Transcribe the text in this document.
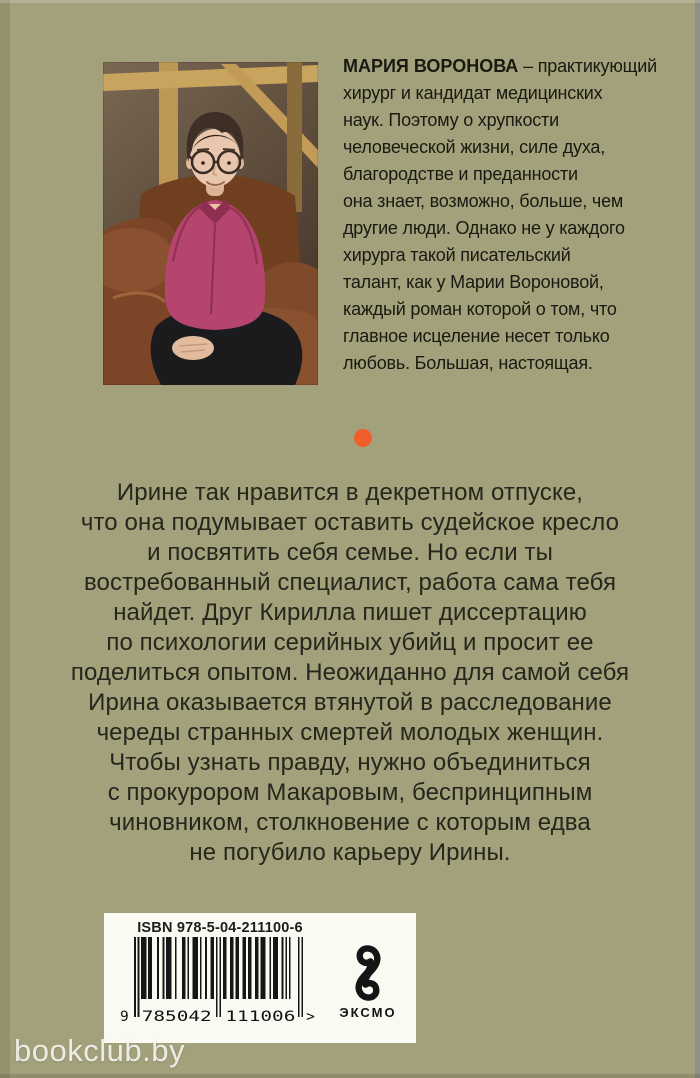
МАРИЯ ВОРОНОВА – практикующий
хирург и кандидат медицинских
наук. Поэтому о хрупкости
человеческой жизни, силе духа,
благородстве и преданности
она знает, возможно, больше, чем
другие люди. Однако не у каждого
хирурга такой писательский
талант, как у Марии Вороновой,
каждый роман которой о том, что
главное исцеление несет только
любовь. Большая, настоящая.
Ирине так нравится в декретном отпуске,
что она подумывает оставить судейское кресло
и посвятить себя семье. Но если ты
востребованный специалист, работа сама тебя
найдет. Друг Кирилла пишет диссертацию
по психологии серийных убийц и просит ее
поделиться опытом. Неожиданно для самой себя
Ирина оказывается втянутой в расследование
череды странных смертей молодых женщин.
Чтобы узнать правду, нужно объединиться
с прокурором Макаровым, беспринципным
чиновником, столкновение с которым едва
не погубило карьеру Ирины.
ISBN 978-5-04-211100-6
9 785042 111006 >	ЭКСМО
bookclub.by
